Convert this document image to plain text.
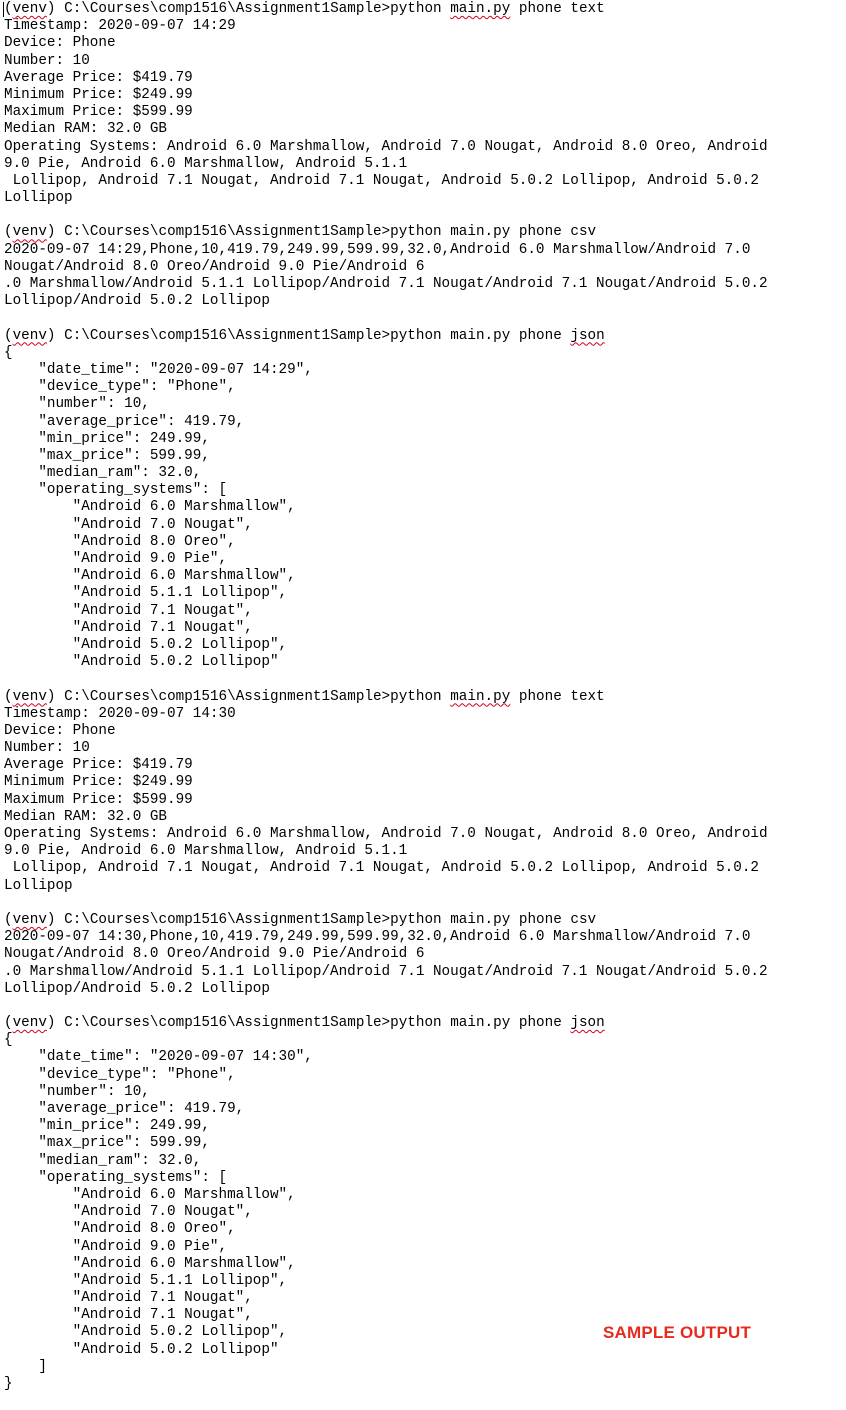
(venv) C:\Courses\comp1516\Assignment1Sample>python main.py phone text
Timestamp: 2020-09-07 14:29
Device: Phone
Number: 10
Average Price: $419.79
Minimum Price: $249.99
Maximum Price: $599.99
Median RAM: 32.0 GB
Operating Systems: Android 6.0 Marshmallow, Android 7.0 Nougat, Android 8.0 Oreo, Android
9.0 Pie, Android 6.0 Marshmallow, Android 5.1.1
Lollipop, Android 7.1 Nougat, Android 7.1 Nougat, Android 5.0.2 Lollipop, Android 5.0.2
Lollipop
(venv) C:\Courses\comp1516\Assignment1Sample>python main.py phone csv
2020-09-07 14:29,Phone,10,419.79,249.99,599.99,32.0,Android 6.0 Marshmallow/Android 7.0
Nougat/Android 8.0 Oreo/Android 9.0 Pie/Android 6
.0 Marshmallow/Android 5.1.1 Lollipop/Android 7.1 Nougat/Android 7.1 Nougat/Android 5.0.2
Lollipop/Android 5.0.2 Lollipop
(venv) C:\Courses\comp1516\Assignment1Sample>python main.py phone json
{
"date_time": "2020-09-07 14:29",
"device_type": "Phone",
"number": 10,
"average_price": 419.79,
"min_price": 249.99,
"max_price": 599.99,
"median_ram": 32.0,
"operating_systems": [
"Android 6.0 Marshmallow",
"Android 7.0 Nougat",
"Android 8.0 Oreo",
"Android 9.0 Pie",
"Android 6.0 Marshmallow",
"Android 5.1.1 Lollipop",
"Android 7.1 Nougat",
"Android 7.1 Nougat",
"Android 5.0.2 Lollipop",
"Android 5.0.2 Lollipop"
(venv) C:\Courses\comp1516\Assignment1Sample>python main.py phone text
Timestamp: 2020-09-07 14:30
Device: Phone
Number: 10
Average Price: $419.79
Minimum Price: $249.99
Maximum Price: $599.99
Median RAM: 32.0 GB
Operating Systems: Android 6.0 Marshmallow, Android 7.0 Nougat, Android 8.0 Oreo, Android
9.0 Pie, Android 6.0 Marshmallow, Android 5.1.1
Lollipop, Android 7.1 Nougat, Android 7.1 Nougat, Android 5.0.2 Lollipop, Android 5.0.2
Lollipop
(venv) C:\Courses\comp1516\Assignment1Sample>python main.py phone csv
2020-09-07 14:30,Phone,10,419.79,249.99,599.99,32.0,Android 6.0 Marshmallow/Android 7.0
Nougat/Android 8.0 Oreo/Android 9.0 Pie/Android 6
.0 Marshmallow/Android 5.1.1 Lollipop/Android 7.1 Nougat/Android 7.1 Nougat/Android 5.0.2
Lollipop/Android 5.0.2 Lollipop
(venv) C:\Courses\comp1516\Assignment1Sample>python main.py phone json
{
"date_time": "2020-09-07 14:30",
"device_type": "Phone",
"number": 10,
"average_price": 419.79,
"min_price": 249.99,
"max_price": 599.99,
"median_ram": 32.0,
"operating_systems": [
"Android 6.0 Marshmallow",
"Android 7.0 Nougat",
"Android 8.0 Oreo",
"Android 9.0 Pie",
"Android 6.0 Marshmallow",
"Android 5.1.1 Lollipop",
"Android 7.1 Nougat",
"Android 7.1 Nougat",
"Android 5.0.2 Lollipop",
"Android 5.0.2 Lollipop"
]
}
SAMPLE OUTPUT
